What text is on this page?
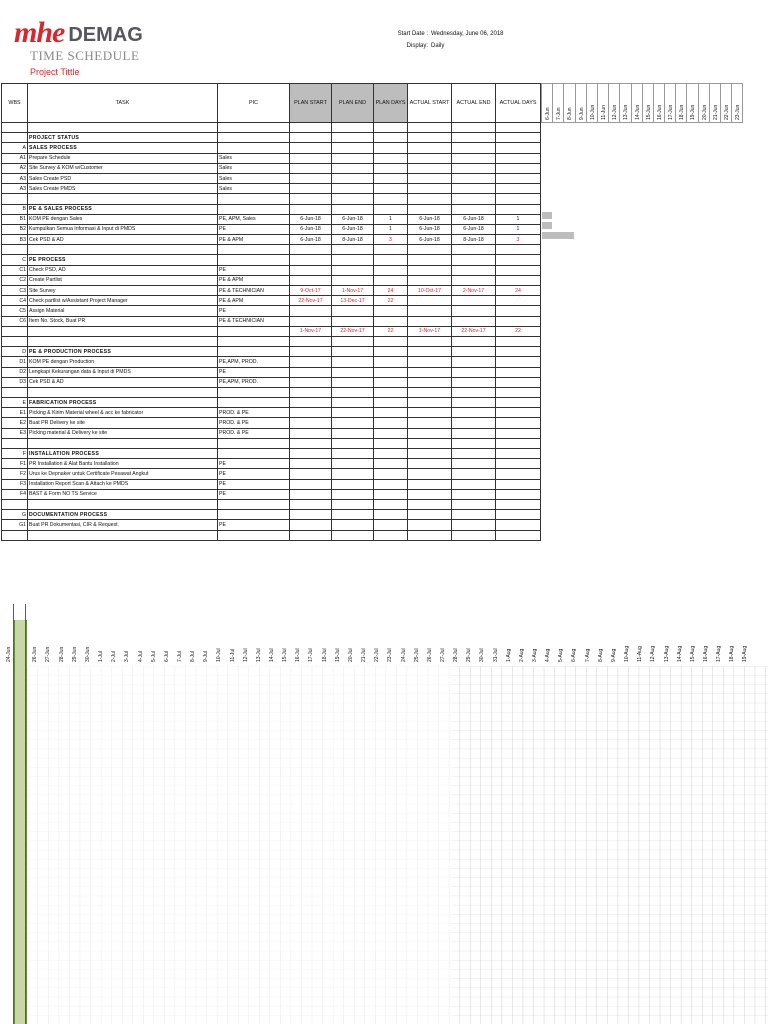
mhe DEMAG
TIME SCHEDULE
Project Tittle
Start Date : Wednesday, June 06, 2018
Display: Daily
WBS	TASK	PIC	PLAN START	PLAN END	PLAN DAYS	ACTUAL START	ACTUAL END	ACTUAL DAYS

	PROJECT STATUS							
A	SALES PROCESS							
A1	Prepare Schedule	Sales						
A2	Site Survey & KOM w/Customer	Sales						
A3	Sales Create PSD	Sales						
A3	Sales Create PMDS	Sales						

B	PE & SALES PROCESS							
B1	KOM PE dengan Sales	PE, APM, Sales	6-Jun-18	6-Jun-18	1	6-Jun-18	6-Jun-18	1
B2	Kumpulkan Semua Informasi & Input di PMDS	PE	6-Jun-18	6-Jun-18	1	6-Jun-18	6-Jun-18	1
B3	Cek PSD & AD	PE & APM	6-Jun-18	8-Jun-18	3	6-Jun-18	8-Jun-18	3

C	PE PROCESS							
C1	Check PSD, AD	PE						
C2	Create Partlist	PE & APM						
C3	Site Survey	PE & TECHNICIAN	9-Oct-17	1-Nov-17	24	10-Oct-17	2-Nov-17	24
C4	Check partlist w/Assistant Project Manager	PE & APM	22-Nov-17	13-Dec-17	22			
C5	Assign Material	PE						
C6	Item No. Stock, Buat PR	PE & TECHNICIAN						
			1-Nov-17	22-Nov-17	22	1-Nov-17	22-Nov-17	22

D	PE & PRODUCTION PROCESS							
D1	KOM PE dengan Production	PE,APM, PROD.						
D2	Lengkapi Kekurangan data & Input di PMDS	PE						
D3	Cek PSD & AD	PE,APM, PROD.						

E	FABRICATION PROCESS							
E1	Picking & Kirim Material wheel & acc ke fabricator	PROD. & PE						
E2	Buat PR Delivery ke site	PROD. & PE						
E3	Picking material & Delivery ke site	PROD. & PE						

F	INSTALLATION PROCESS							
F1	PR Installation & Alat Bantu Installation	PE						
F2	Urus ke Depnaker untuk Certificate Pesawat Angkut	PE						
F3	Installation Report Scan & Attach ke PMDS	PE						
F4	BAST & Form NO TS Service	PE						

G	DOCUMENTATION PROCESS							
G1	Buat PR Dokumentasi, CIR & Request.	PE						

6-Jun	7-Jun	8-Jun	9-Jun	10-Jun	11-Jun	12-Jun	13-Jun	14-Jun	15-Jun	16-Jun	17-Jun	18-Jun	19-Jun	20-Jun	21-Jun	22-Jun	23-Jun
24-Jun	26-Jun 27-Jun 28-Jun 29-Jun 30-Jun 1-Jul 2-Jul 3-Jul 4-Jul 5-Jul 6-Jul 7-Jul 8-Jul 9-Jul 10-Jul 11-Jul 12-Jul 13-Jul 14-Jul 15-Jul 16-Jul 17-Jul 18-Jul 19-Jul 20-Jul 21-Jul 22-Jul 23-Jul 24-Jul 25-Jul 26-Jul 27-Jul 28-Jul 29-Jul 30-Jul 31-Jul 1-Aug 2-Aug 3-Aug 4-Aug 5-Aug 6-Aug 7-Aug 8-Aug 9-Aug 10-Aug 11-Aug 12-Aug 13-Aug 14-Aug 15-Aug 16-Aug 17-Aug 18-Aug 19-Aug
